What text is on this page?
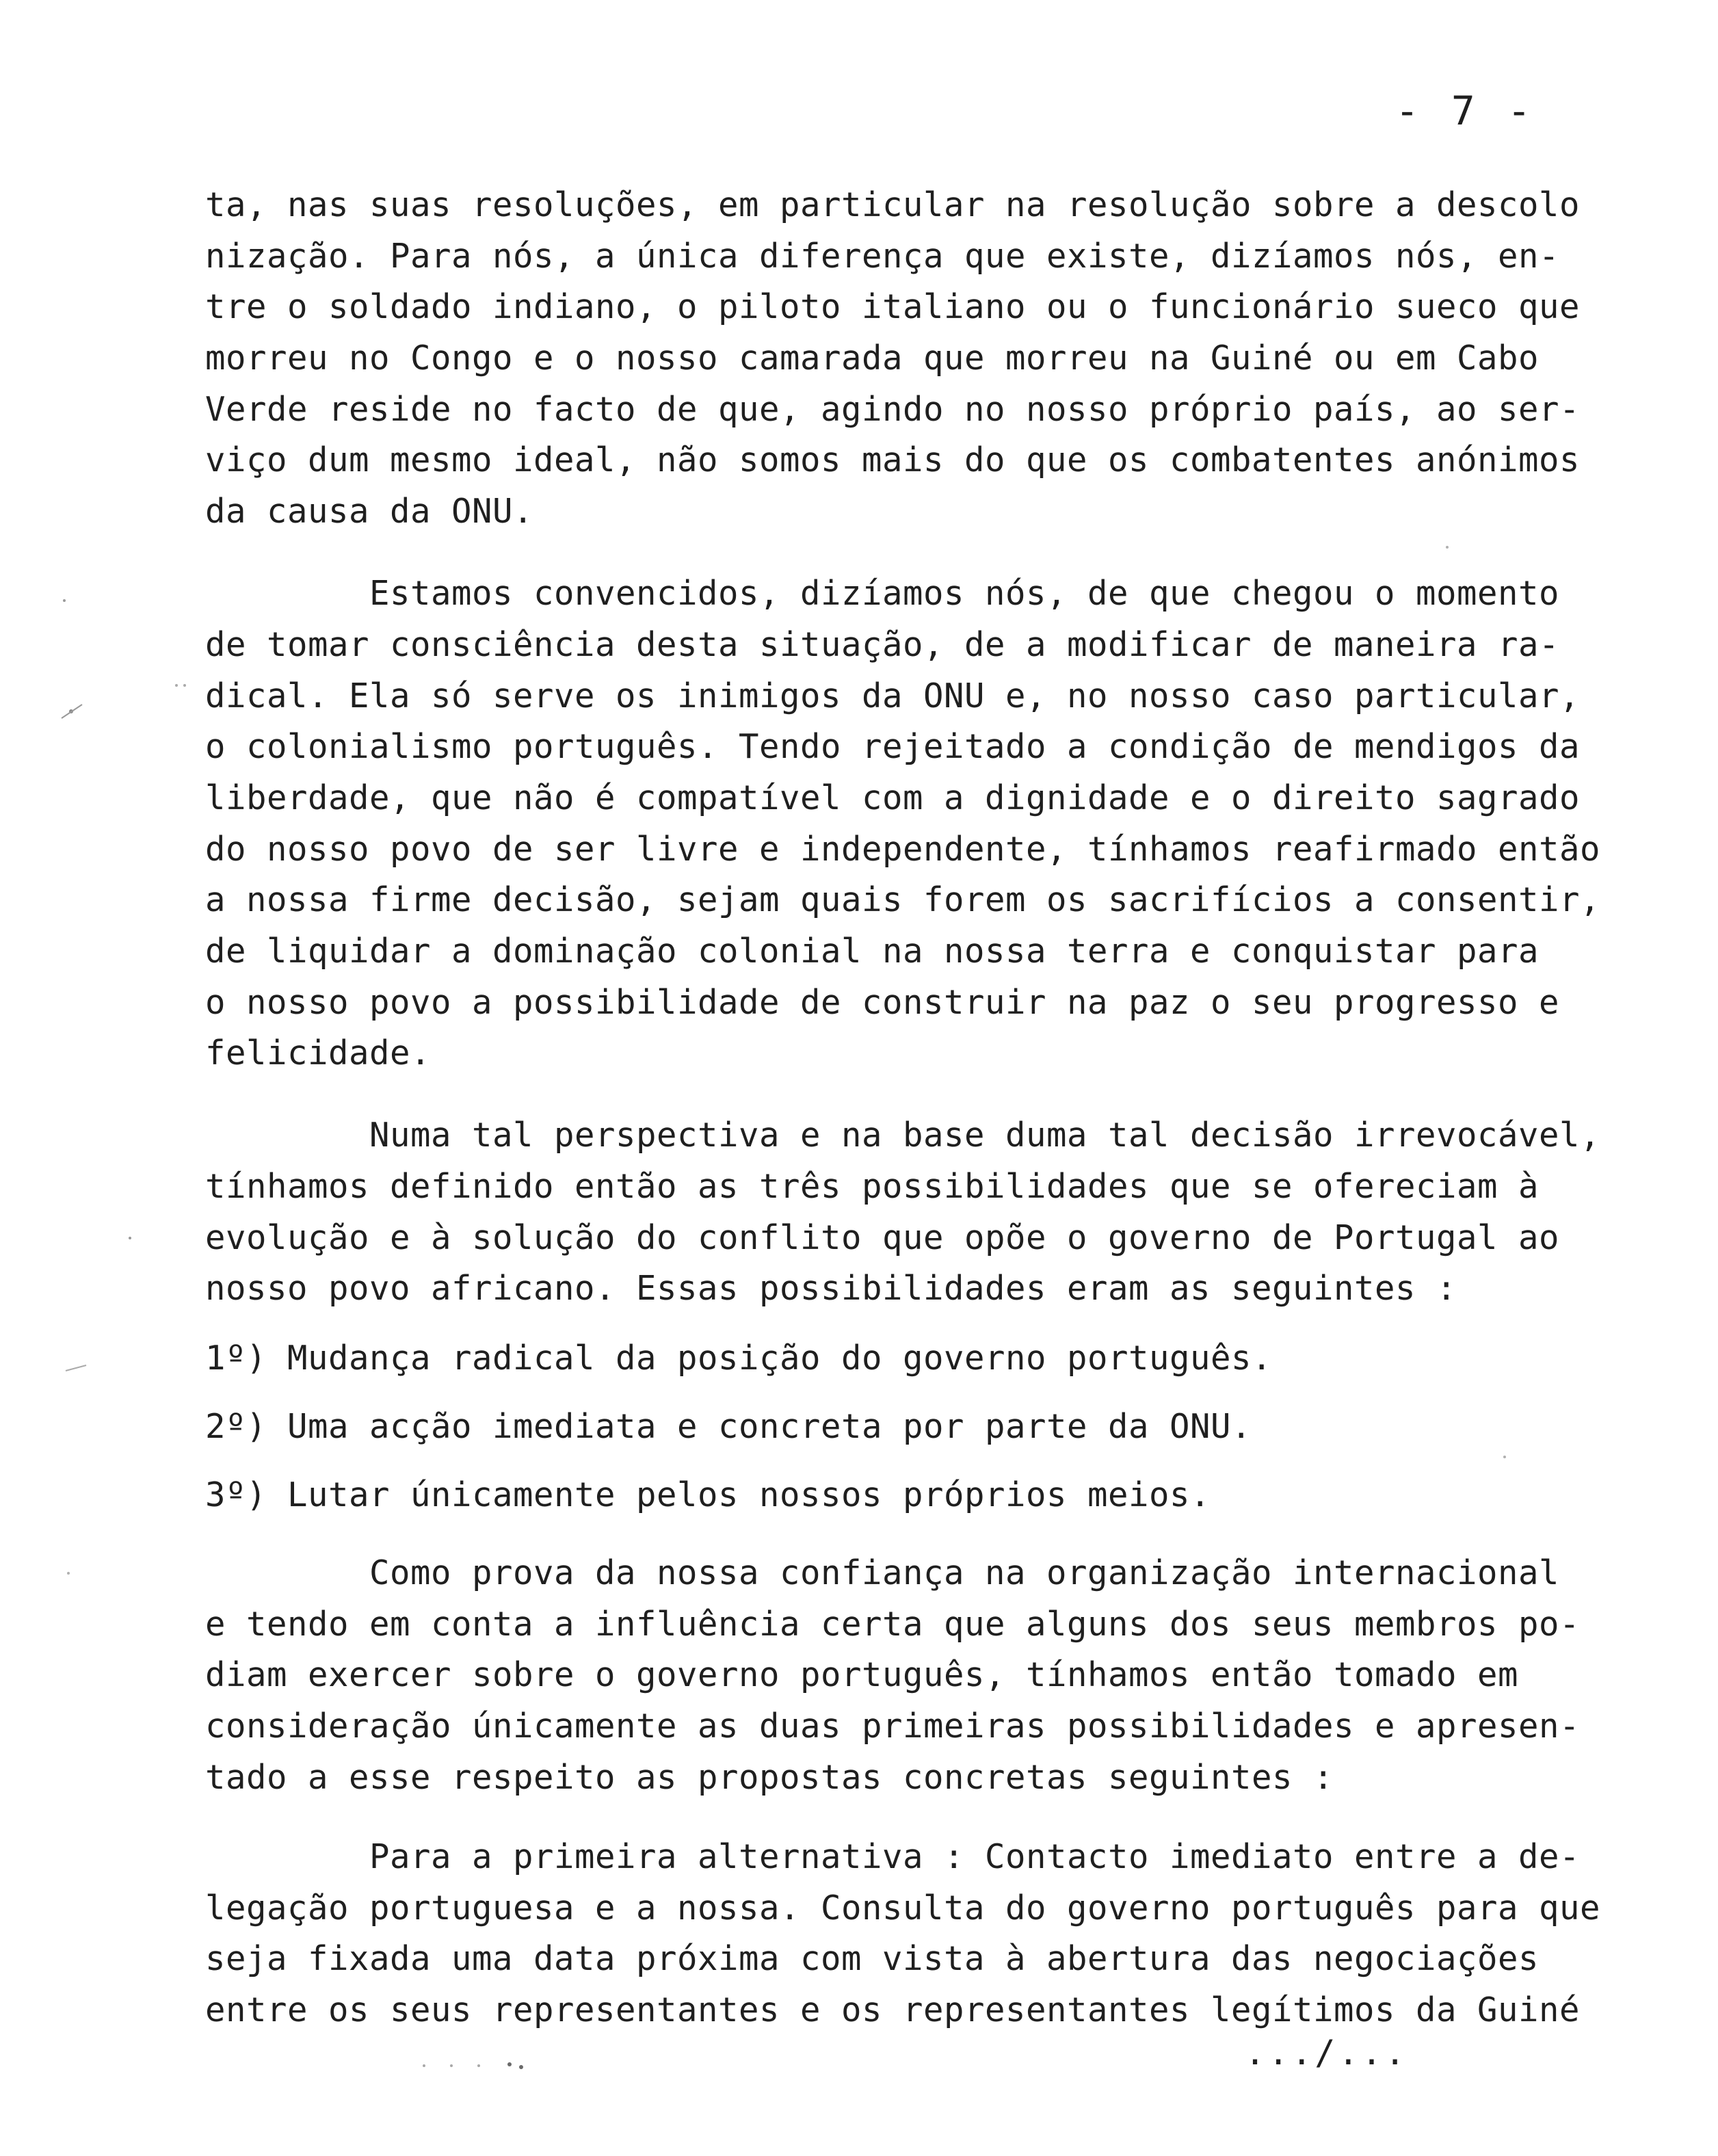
- 7 -
ta, nas suas resoluções, em particular na resolução sobre a descolo
nização. Para nós, a única diferença que existe, dizíamos nós, en-
tre o soldado indiano, o piloto italiano ou o funcionário sueco que
morreu no Congo e o nosso camarada que morreu na Guiné ou em Cabo
Verde reside no facto de que, agindo no nosso próprio país, ao ser-
viço dum mesmo ideal, não somos mais do que os combatentes anónimos
da causa da ONU.
Estamos convencidos, dizíamos nós, de que chegou o momento
de tomar consciência desta situação, de a modificar de maneira ra-
dical. Ela só serve os inimigos da ONU e, no nosso caso particular,
o colonialismo português. Tendo rejeitado a condição de mendigos da
liberdade, que não é compatível com a dignidade e o direito sagrado
do nosso povo de ser livre e independente, tínhamos reafirmado então
a nossa firme decisão, sejam quais forem os sacrifícios a consentir,
de liquidar a dominação colonial na nossa terra e conquistar para
o nosso povo a possibilidade de construir na paz o seu progresso e
felicidade.
Numa tal perspectiva e na base duma tal decisão irrevocável,
tínhamos definido então as três possibilidades que se ofereciam à
evolução e à solução do conflito que opõe o governo de Portugal ao
nosso povo africano. Essas possibilidades eram as seguintes :
1º) Mudança radical da posição do governo português.
2º) Uma acção imediata e concreta por parte da ONU.
3º) Lutar únicamente pelos nossos próprios meios.
Como prova da nossa confiança na organização internacional
e tendo em conta a influência certa que alguns dos seus membros po-
diam exercer sobre o governo português, tínhamos então tomado em
consideração únicamente as duas primeiras possibilidades e apresen-
tado a esse respeito as propostas concretas seguintes :
Para a primeira alternativa : Contacto imediato entre a de-
legação portuguesa e a nossa. Consulta do governo português para que
seja fixada uma data próxima com vista à abertura das negociações
entre os seus representantes e os representantes legítimos da Guiné
.../...
